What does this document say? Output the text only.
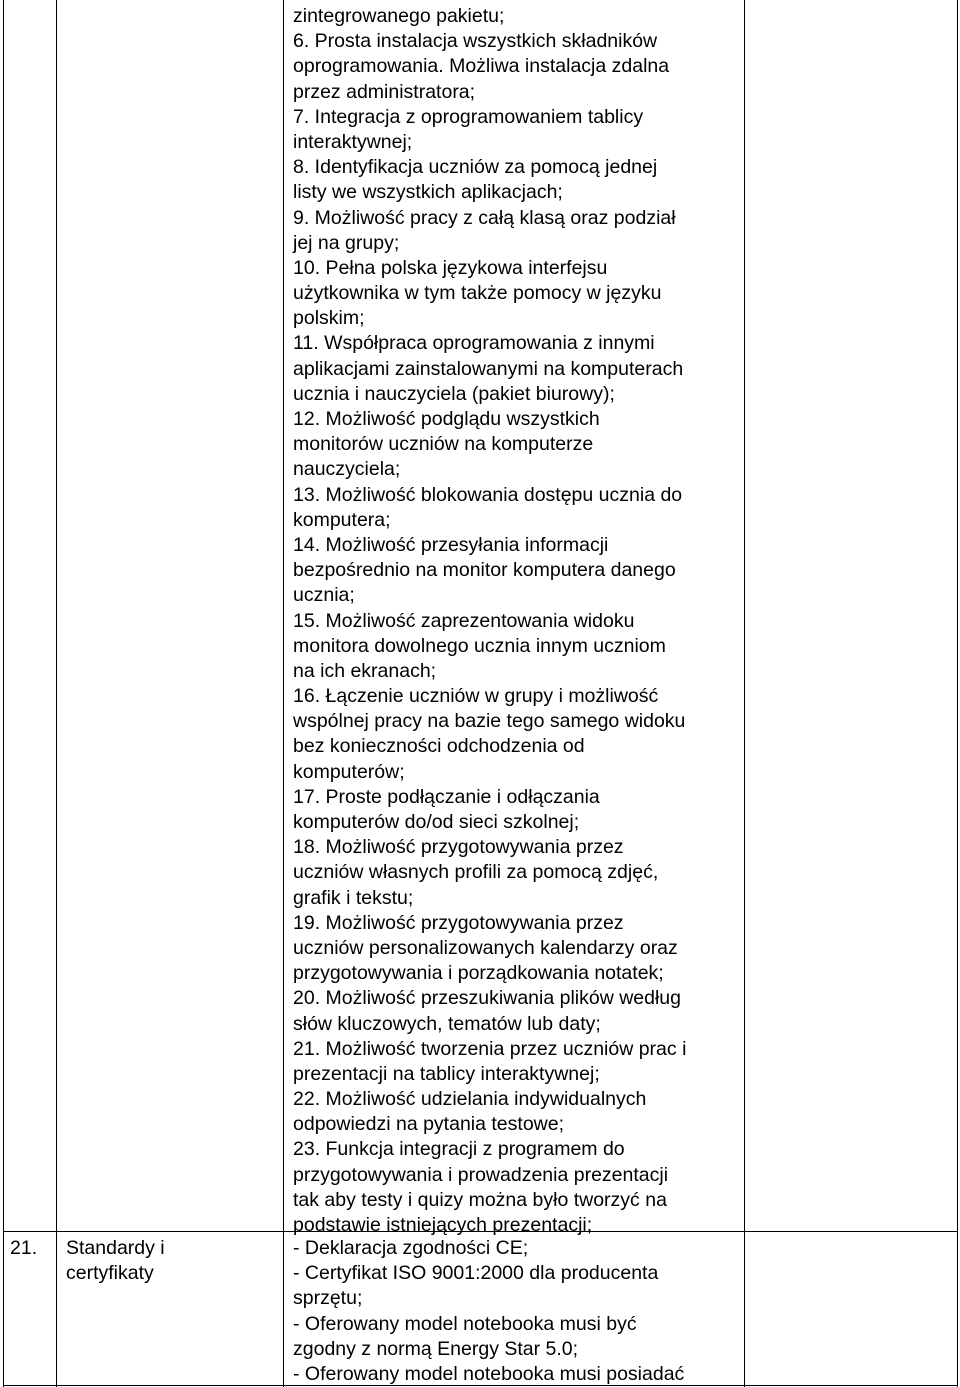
zintegrowanego pakietu;
6. Prosta instalacja wszystkich składników
oprogramowania. Możliwa instalacja zdalna
przez administratora;
7. Integracja z oprogramowaniem tablicy
interaktywnej;
8. Identyfikacja uczniów za pomocą jednej
listy we wszystkich aplikacjach;
9. Możliwość pracy z całą klasą oraz podział
jej na grupy;
10. Pełna polska językowa interfejsu
użytkownika w tym także pomocy w języku
polskim;
11. Współpraca oprogramowania z innymi
aplikacjami zainstalowanymi na komputerach
ucznia i nauczyciela (pakiet biurowy);
12. Możliwość podglądu wszystkich
monitorów uczniów na komputerze
nauczyciela;
13. Możliwość blokowania dostępu ucznia do
komputera;
14. Możliwość przesyłania informacji
bezpośrednio na monitor komputera danego
ucznia;
15. Możliwość zaprezentowania widoku
monitora dowolnego ucznia innym uczniom
na ich ekranach;
16. Łączenie uczniów w grupy i możliwość
wspólnej pracy na bazie tego samego widoku
bez konieczności odchodzenia od
komputerów;
17. Proste podłączanie i odłączania
komputerów do/od sieci szkolnej;
18. Możliwość przygotowywania przez
uczniów własnych profili za pomocą zdjęć,
grafik i tekstu;
19. Możliwość przygotowywania przez
uczniów personalizowanych kalendarzy oraz
przygotowywania i porządkowania notatek;
20. Możliwość przeszukiwania plików według
słów kluczowych, tematów lub daty;
21. Możliwość tworzenia przez uczniów prac i
prezentacji na tablicy interaktywnej;
22. Możliwość udzielania indywidualnych
odpowiedzi na pytania testowe;
23. Funkcja integracji z programem do
przygotowywania i prowadzenia prezentacji
tak aby testy i quizy można było tworzyć na
podstawie istniejących prezentacji;
21. Standardy i
certyfikaty
- Deklaracja zgodności CE;
- Certyfikat ISO 9001:2000 dla producenta
sprzętu;
- Oferowany model notebooka musi być
zgodny z normą Energy Star 5.0;
- Oferowany model notebooka musi posiadać
